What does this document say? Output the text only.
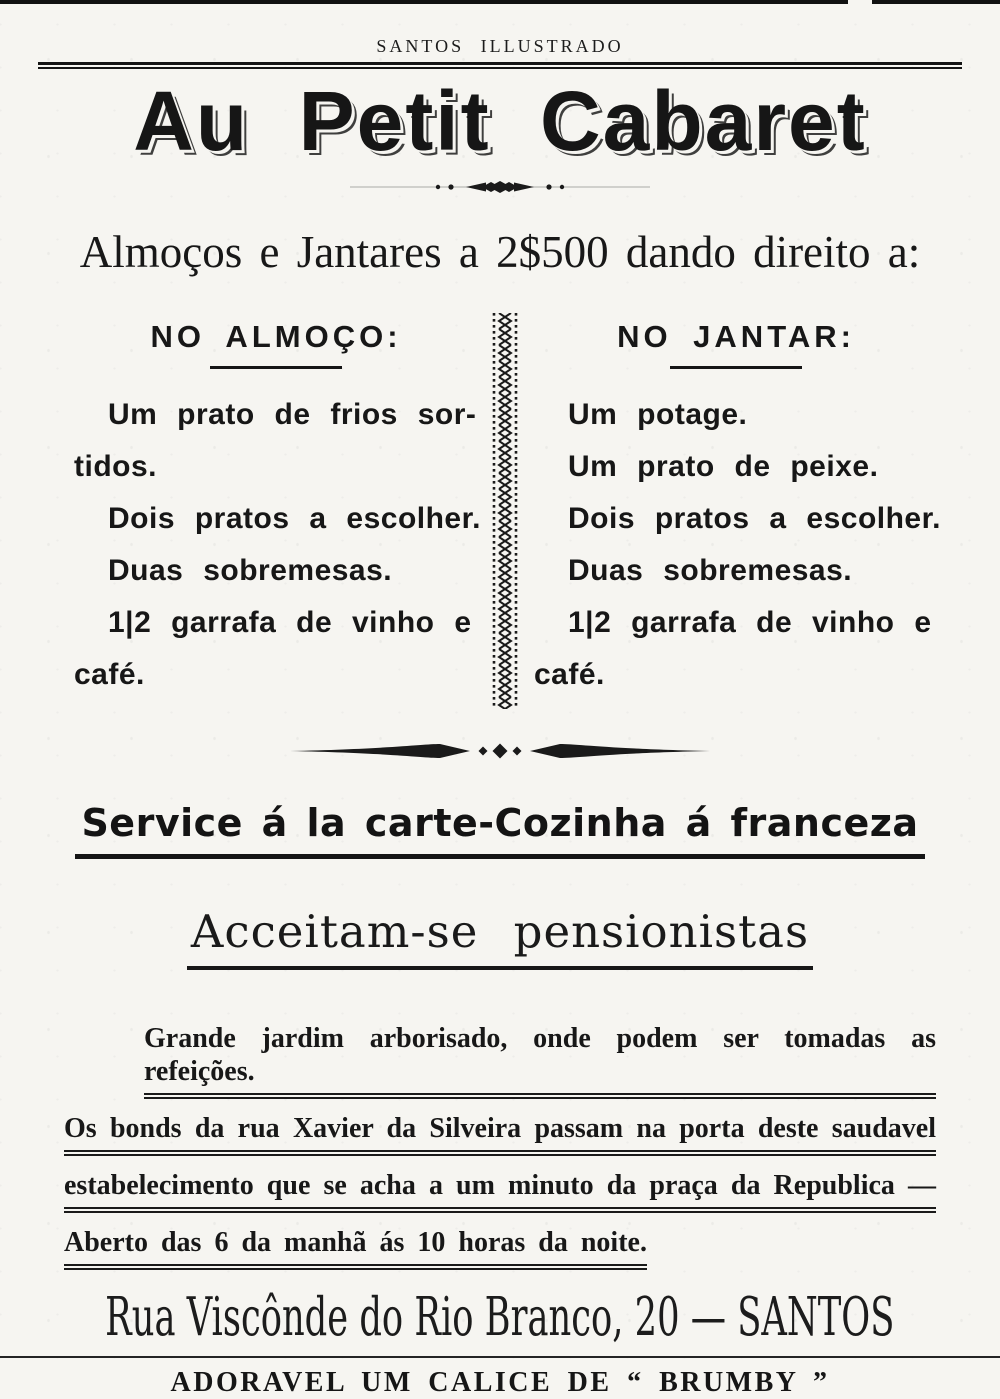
SANTOS ILLUSTRADO
Au Petit Cabaret
Almoços e Jantares a 2$500 dando direito a:
NO ALMOÇO:
Um prato de frios sor-
tidos.
Dois pratos a escolher.
Duas sobremesas.
1|2 garrafa de vinho e
café.
NO JANTAR:
Um potage.
Um prato de peixe.
Dois pratos a escolher.
Duas sobremesas.
1|2 garrafa de vinho e
café.
Service á la carte-Cozinha á franceza
Acceitam-se pensionistas
Grande jardim arborisado, onde podem ser tomadas as refeições.
Os bonds da rua Xavier da Silveira passam na porta deste saudavel
estabelecimento que se acha a um minuto da praça da Republica —
Aberto das 6 da manhã ás 10 horas da noite.
Rua Viscônde do Rio Branco, 20 — SANTOS
ADORAVEL UM CALICE DE “ BRUMBY ”
